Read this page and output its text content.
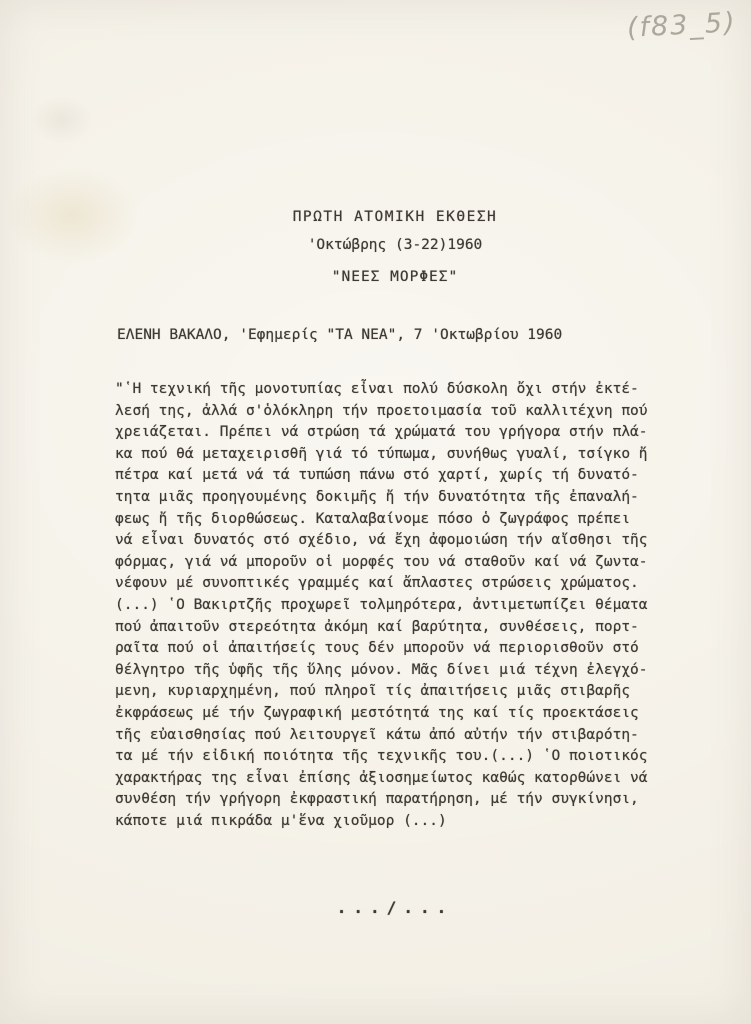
(f83_5)
ΠΡΩΤΗ ΑΤΟΜΙΚΗ ΕΚΘΕΣΗ
'Οκτώβρης (3-22)1960
"ΝΕΕΣ ΜΟΡΦΕΣ"
ΕΛΕΝΗ ΒΑΚΑΛΟ, 'Εφημερίς "ΤΑ ΝΕΑ", 7 'Οκτωβρίου 1960
"῾Η τεχνική τῆς μονοτυπίας εἶναι πολύ δύσκολη ὄχι στήν ἐκτέ-
λεσή της, ἀλλά σ'ὁλόκληρη τήν προετοιμασία τοῦ καλλιτέχνη πού
χρειάζεται. Πρέπει νά στρώση τά χρώματά του γρήγορα στήν πλά-
κα πού θά μεταχειρισθῆ γιά τό τύπωμα, συνήθως γυαλί, τσίγκο ἤ
πέτρα καί μετά νά τά τυπώση πάνω στό χαρτί, χωρίς τή δυνατό-
τητα μιᾶς προηγουμένης δοκιμῆς ἤ τήν δυνατότητα τῆς ἐπαναλή-
φεως ἤ τῆς διορθώσεως. Καταλαβαίνομε πόσο ὁ ζωγράφος πρέπει
νά εἶναι δυνατός στό σχέδιο, νά ἔχη ἀφομοιώση τήν αἴσθησι τῆς
φόρμας, γιά νά μποροῦν οἱ μορφές του νά σταθοῦν καί νά ζωντα-
νέφουν μέ συνοπτικές γραμμές καί ἄπλαστες στρώσεις χρώματος.
(...) ῾Ο Βακιρτζῆς προχωρεῖ τολμηρότερα, ἀντιμετωπίζει θέματα
πού ἀπαιτοῦν στερεότητα ἀκόμη καί βαρύτητα, συνθέσεις, πορτ-
ραῖτα πού οἱ ἀπαιτήσείς τους δέν μποροῦν νά περιορισθοῦν στό
θέλγητρο τῆς ὑφῆς τῆς ὕλης μόνον. Μᾶς δίνει μιά τέχνη ἐλεγχό-
μενη, κυριαρχημένη, πού πληροῖ τίς ἀπαιτήσεις μιᾶς στιβαρῆς
ἐκφράσεως μέ τήν ζωγραφική μεστότητά της καί τίς προεκτάσεις
τῆς εὐαισθησίας πού λειτουργεῖ κάτω ἀπό αὐτήν τήν στιβαρότη-
τα μέ τήν εἰδική ποιότητα τῆς τεχνικῆς του.(...) ῾Ο ποιοτικός
χαρακτήρας της εἶναι ἐπίσης ἀξιοσημείωτος καθώς κατορθώνει νά
συνθέση τήν γρήγορη ἐκφραστική παρατήρηση, μέ τήν συγκίνησι,
κάποτε μιά πικράδα μ'ἕνα χιοῦμορ (...)
.../...
